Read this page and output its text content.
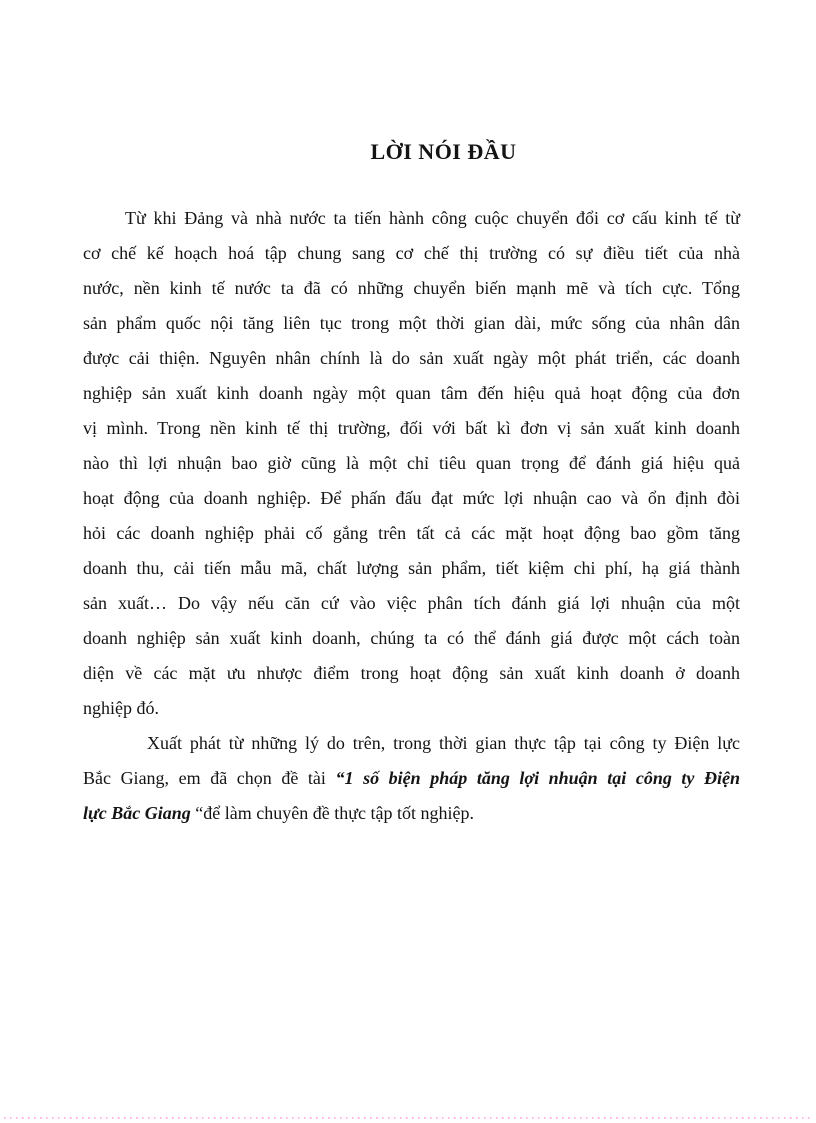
LỜI NÓI ĐẦU
Từ khi Đảng và nhà nước ta tiến hành công cuộc chuyển đổi cơ cấu kinh tế từ
cơ chế kế hoạch hoá tập chung sang cơ chế thị trường có sự điều tiết của nhà
nước, nền kinh tế nước ta đã có những chuyển biến mạnh mẽ và tích cực. Tổng
sản phẩm quốc nội tăng liên tục trong một thời gian dài, mức sống của nhân dân
được cải thiện. Nguyên nhân chính là do sản xuất ngày một phát triển, các doanh
nghiệp sản xuất kinh doanh ngày một quan tâm đến hiệu quả hoạt động của đơn
vị mình. Trong nền kinh tế thị trường, đối với bất kì đơn vị sản xuất kinh doanh
nào thì lợi nhuận bao giờ cũng là một chỉ tiêu quan trọng để đánh giá hiệu quả
hoạt động của doanh nghiệp. Để phấn đấu đạt mức lợi nhuận cao và ổn định đòi
hỏi các doanh nghiệp phải cố gắng trên tất cả các mặt hoạt động bao gồm tăng
doanh thu, cải tiến mẫu mã, chất lượng sản phẩm, tiết kiệm chi phí, hạ giá thành
sản xuất… Do vậy nếu căn cứ vào việc phân tích đánh giá lợi nhuận của một
doanh nghiệp sản xuất kinh doanh, chúng ta có thể đánh giá được một cách toàn
diện về các mặt ưu nhược điểm trong hoạt động sản xuất kinh doanh ở doanh
nghiệp đó.
Xuất phát từ những lý do trên, trong thời gian thực tập tại công ty Điện lực
Bắc Giang, em đã chọn đề tài “1 số biện pháp tăng lợi nhuận tại công ty Điện
lực Bắc Giang “để làm chuyên đề thực tập tốt nghiệp.
